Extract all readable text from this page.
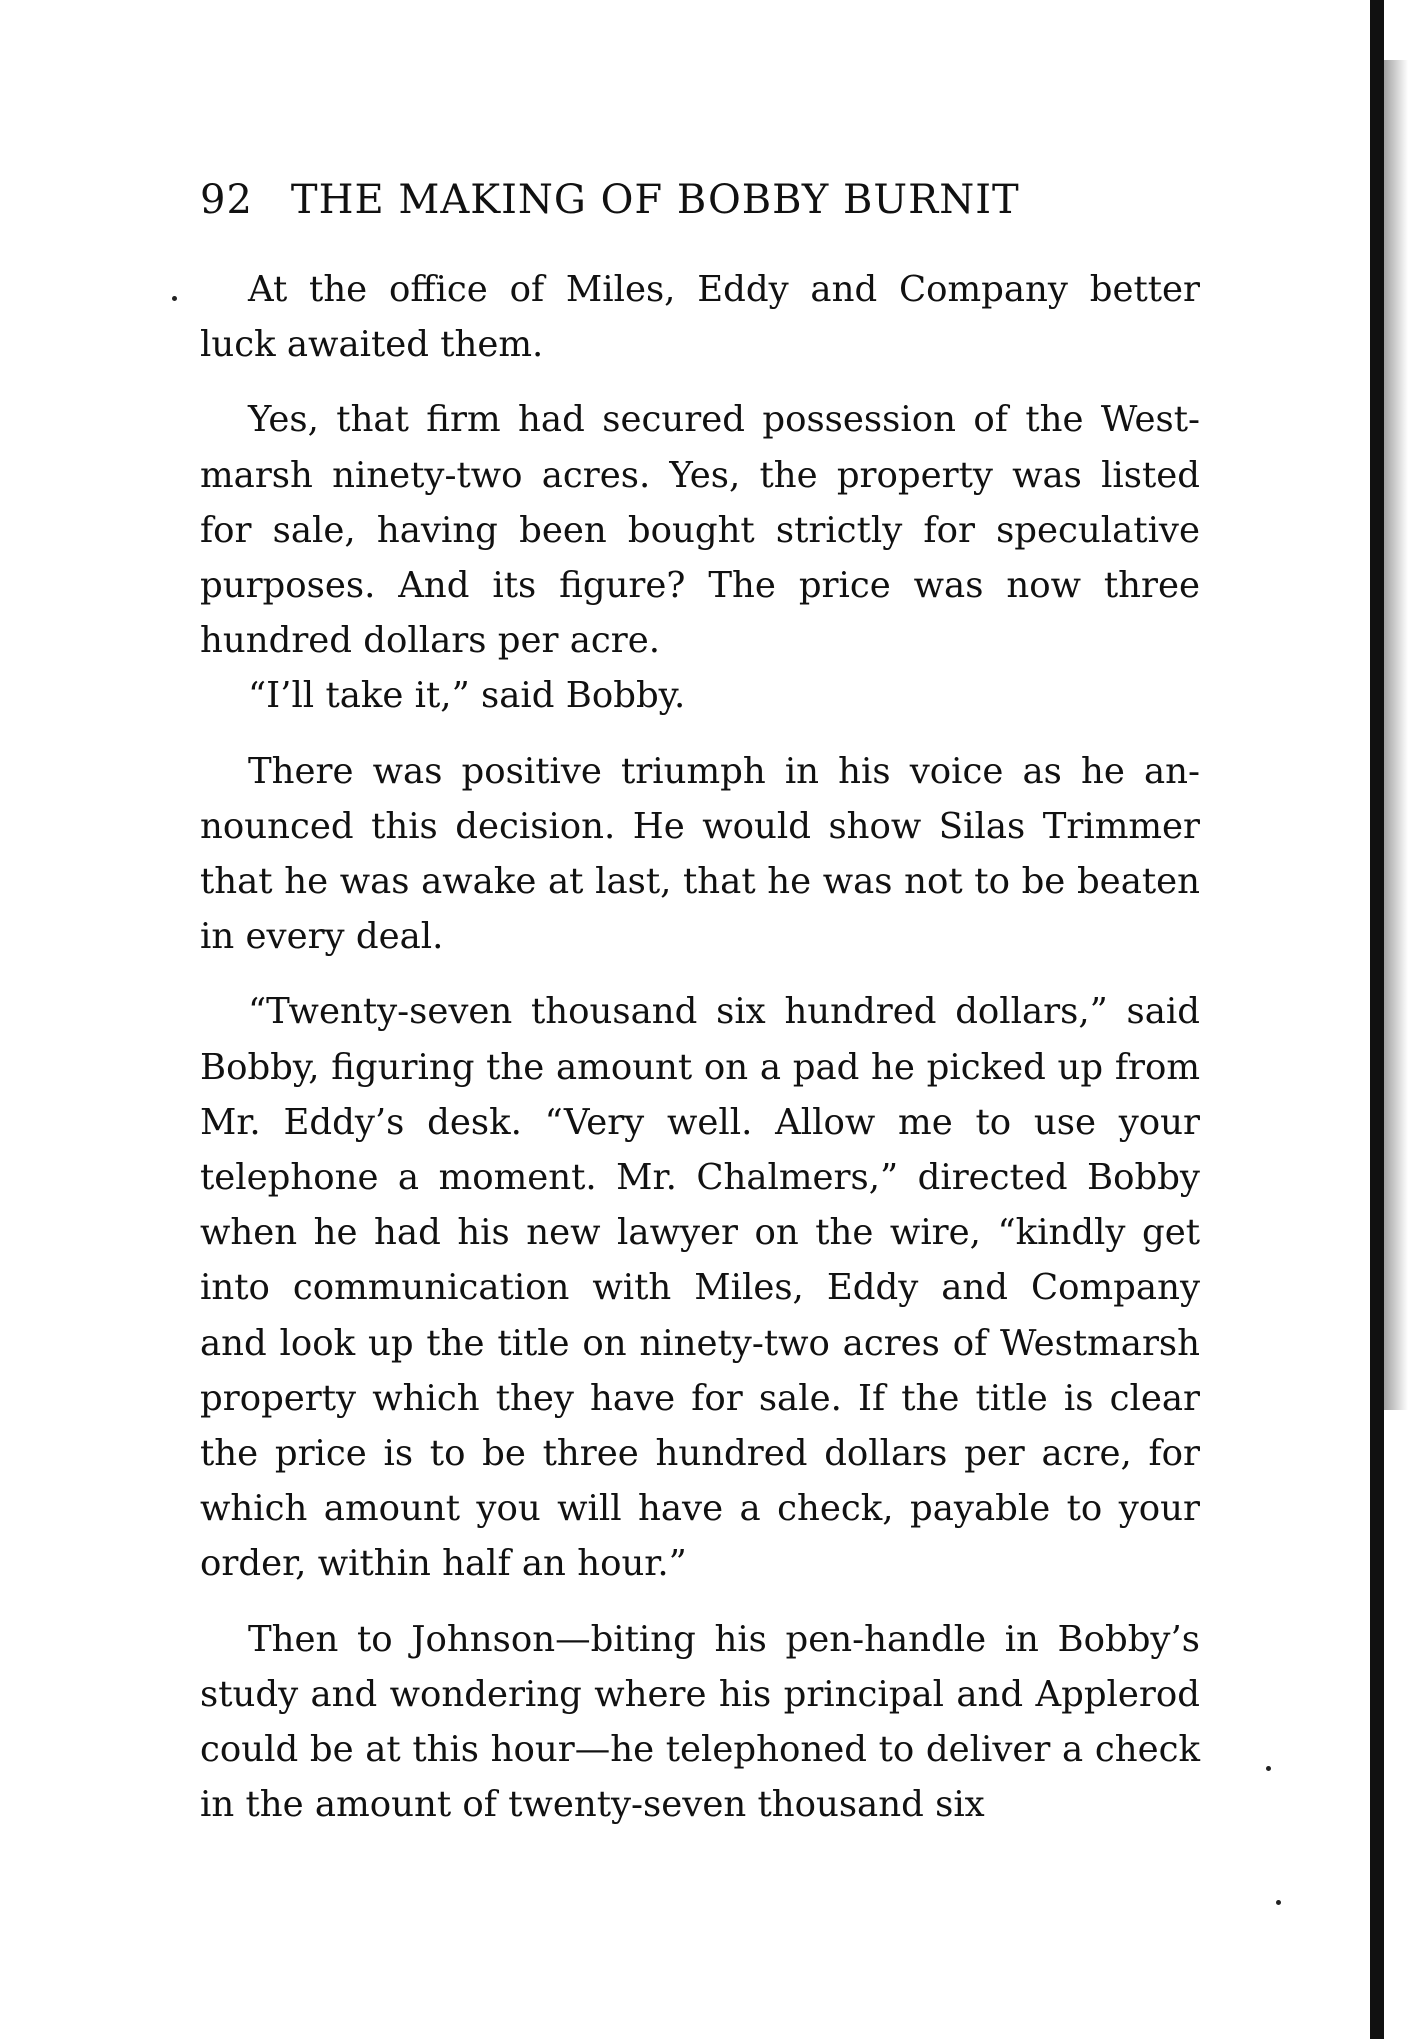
92 THE MAKING OF BOBBY BURNIT

At the office of Miles, Eddy and Company better luck awaited them.

Yes, that firm had secured possession of the Westmarsh ninety-two acres. Yes, the property was listed for sale, having been bought strictly for speculative purposes. And its figure? The price was now three hundred dollars per acre.

“I’ll take it,” said Bobby.

There was positive triumph in his voice as he announced this decision. He would show Silas Trimmer that he was awake at last, that he was not to be beaten in every deal.

“Twenty-seven thousand six hundred dollars,” said Bobby, figuring the amount on a pad he picked up from Mr. Eddy’s desk. “Very well. Allow me to use your telephone a moment. Mr. Chalmers,” directed Bobby when he had his new lawyer on the wire, “kindly get into communication with Miles, Eddy and Company and look up the title on ninety-two acres of Westmarsh property which they have for sale. If the title is clear the price is to be three hundred dollars per acre, for which amount you will have a check, payable to your order, within half an hour.”

Then to Johnson—biting his pen-handle in Bobby’s study and wondering where his principal and Applerod could be at this hour—he telephoned to deliver a check in the amount of twenty-seven thousand six
